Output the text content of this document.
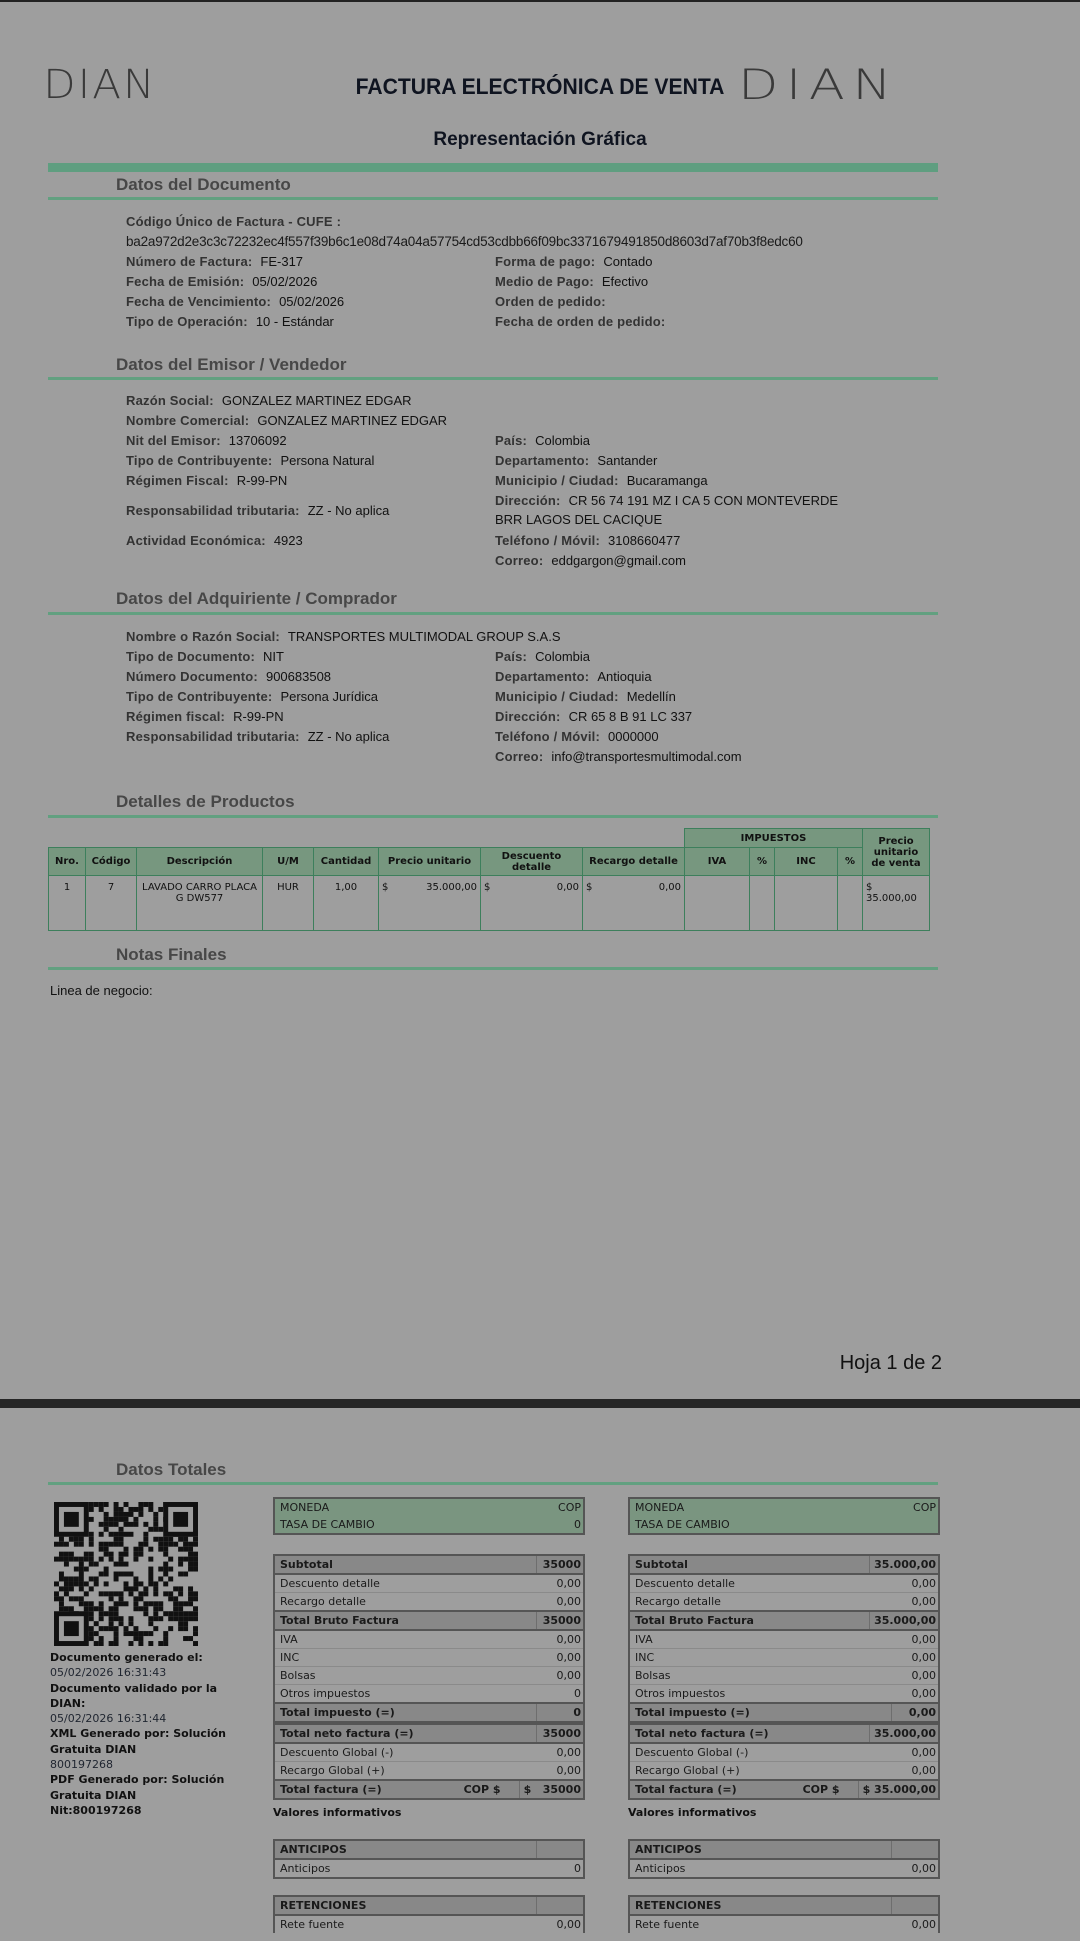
DIAN	FACTURA ELECTRÓNICA DE VENTA DIAN
Representación Gráfica
Datos del Documento
Código Único de Factura - CUFE :
ba2a972d2e3c3c72232ec4f557f39b6c1e08d74a04a57754cd53cdbb66f09bc3371679491850d8603d7af70b3f8edc60
Número de Factura: FE-317
Fecha de Emisión: 05/02/2026
Fecha de Vencimiento: 05/02/2026
Tipo de Operación: 10 - Estándar
Forma de pago: Contado
Medio de Pago: Efectivo
Orden de pedido:
Fecha de orden de pedido:
Datos del Emisor / Vendedor
Razón Social: GONZALEZ MARTINEZ EDGAR
Nombre Comercial: GONZALEZ MARTINEZ EDGAR
Nit del Emisor: 13706092
Tipo de Contribuyente: Persona Natural
Régimen Fiscal: R-99-PN
Responsabilidad tributaria: ZZ - No aplica
Actividad Económica: 4923
País: Colombia
Departamento: Santander
Municipio / Ciudad: Bucaramanga
Dirección: CR 56 74 191 MZ I CA 5 CON MONTEVERDE
BRR LAGOS DEL CACIQUE
Teléfono / Móvil: 3108660477
Correo: eddgargon@gmail.com
Datos del Adquiriente / Comprador
Nombre o Razón Social: TRANSPORTES MULTIMODAL GROUP S.A.S
Tipo de Documento: NIT
Número Documento: 900683508
Tipo de Contribuyente: Persona Jurídica
Régimen fiscal: R-99-PN
Responsabilidad tributaria: ZZ - No aplica
País: Colombia
Departamento: Antioquia
Municipio / Ciudad: Medellín
Dirección: CR 65 8 B 91 LC 337
Teléfono / Móvil: 0000000
Correo: info@transportesmultimodal.com
Detalles de Productos
								IMPUESTOS				Precio unitario de venta
Nro.	Código	Descripción	U/M	Cantidad	Precio unitario	Descuento detalle	Recargo detalle	IVA	%	INC	%	
1	7	LAVADO CARRO PLACA G DW577	HUR	1,00	$ 35.000,00	$ 0,00	$ 0,00					$ 35.000,00
Notas Finales
Linea de negocio:
Hoja 1 de 2
Datos Totales
Documento generado el:
05/02/2026 16:31:43
Documento validado por la DIAN:
05/02/2026 16:31:44
XML Generado por: Solución Gratuita DIAN
800197268
PDF Generado por: Solución Gratuita DIAN
Nit:800197268
MONEDA	COP
TASA DE CAMBIO	0
Subtotal	35000
Descuento detalle	0,00
Recargo detalle	0,00
Total Bruto Factura	35000
IVA	0,00
INC	0,00
Bolsas	0,00
Otros impuestos	0
Total impuesto (=)	0
Total neto factura (=)	35000
Descuento Global (-)	0,00
Recargo Global (+)	0,00
Total factura (=)	COP $	$   35000
Valores informativos
ANTICIPOS
Anticipos	0
RETENCIONES
Rete fuente	0,00
MONEDA	COP
TASA DE CAMBIO
Subtotal	35.000,00
Descuento detalle	0,00
Recargo detalle	0,00
Total Bruto Factura	35.000,00
IVA	0,00
INC	0,00
Bolsas	0,00
Otros impuestos	0,00
Total impuesto (=)	0,00
Total neto factura (=)	35.000,00
Descuento Global (-)	0,00
Recargo Global (+)	0,00
Total factura (=)	COP $	$ 35.000,00
Valores informativos
ANTICIPOS
Anticipos	0,00
RETENCIONES
Rete fuente	0,00
